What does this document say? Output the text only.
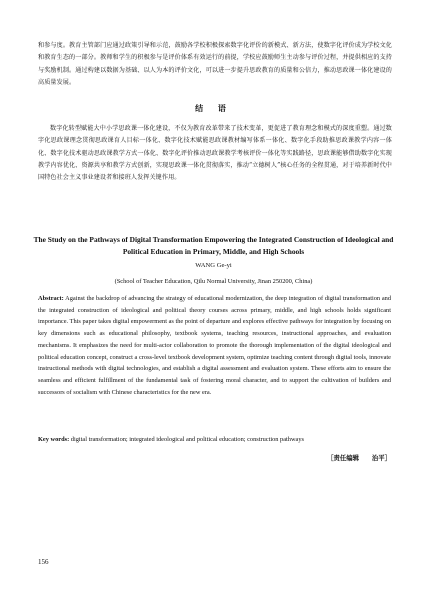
和参与度。教育主管部门应通过政策引导和示范，鼓励各学校积极探索数字化评价的新模式、新方法，使数字化评价成为学校文化和教育生态的一部分。教师和学生的积极参与是评价体系有效运行的前提，学校应鼓励师生主动参与评价过程，并提供相应的支持与奖励机制。通过构建以数据为基础、以人为本的评价文化，可以进一步提升思政教育的质量和公信力，推动思政课一体化建设的高质量发展。

结 语

数字化转型赋能大中小学思政课一体化建设，不仅为教育改革带来了技术变革，更促进了教育理念和模式的深度重塑。通过数字化思政课理念贯彻思政课育人目标一体化、数字化技术赋能思政课教材编写体系一体化、数字化手段助推思政课教学内容一体化、数字化技术驱动思政课教学方式一体化、数字化评价推动思政课教学考核评价一体化等实践路径，思政课能够借助数字化实现教学内容优化、资源共享和教学方式创新，实现思政课一体化贯彻落实，推动“立德树人”核心任务的全程贯通，对于培养新时代中国特色社会主义事业建设者和接班人发挥关键作用。

The Study on the Pathways of Digital Transformation Empowering the Integrated Construction of Ideological and Political Education in Primary, Middle, and High Schools
WANG Ge-yi
(School of Teacher Education, Qilu Normal University, Jinan 250200, China)

Abstract: Against the backdrop of advancing the strategy of educational modernization, the deep integration of digital transformation and the integrated construction of ideological and political theory courses across primary, middle, and high schools holds significant importance. This paper takes digital empowerment as the point of departure and explores effective pathways for integration by focusing on key dimensions such as educational philosophy, textbook systems, teaching resources, instructional approaches, and evaluation mechanisms. It emphasizes the need for multi-actor collaboration to promote the thorough implementation of the digital ideological and political education concept, construct a cross-level textbook development system, optimize teaching content through digital tools, innovate instructional methods with digital technologies, and establish a digital assessment and evaluation system. These efforts aim to ensure the seamless and efficient fulfillment of the fundamental task of fostering moral character, and to support the cultivation of builders and successors of socialism with Chinese characteristics for the new era.

Key words: digital transformation; integrated ideological and political education; construction pathways

［责任编辑　　治平］
156
